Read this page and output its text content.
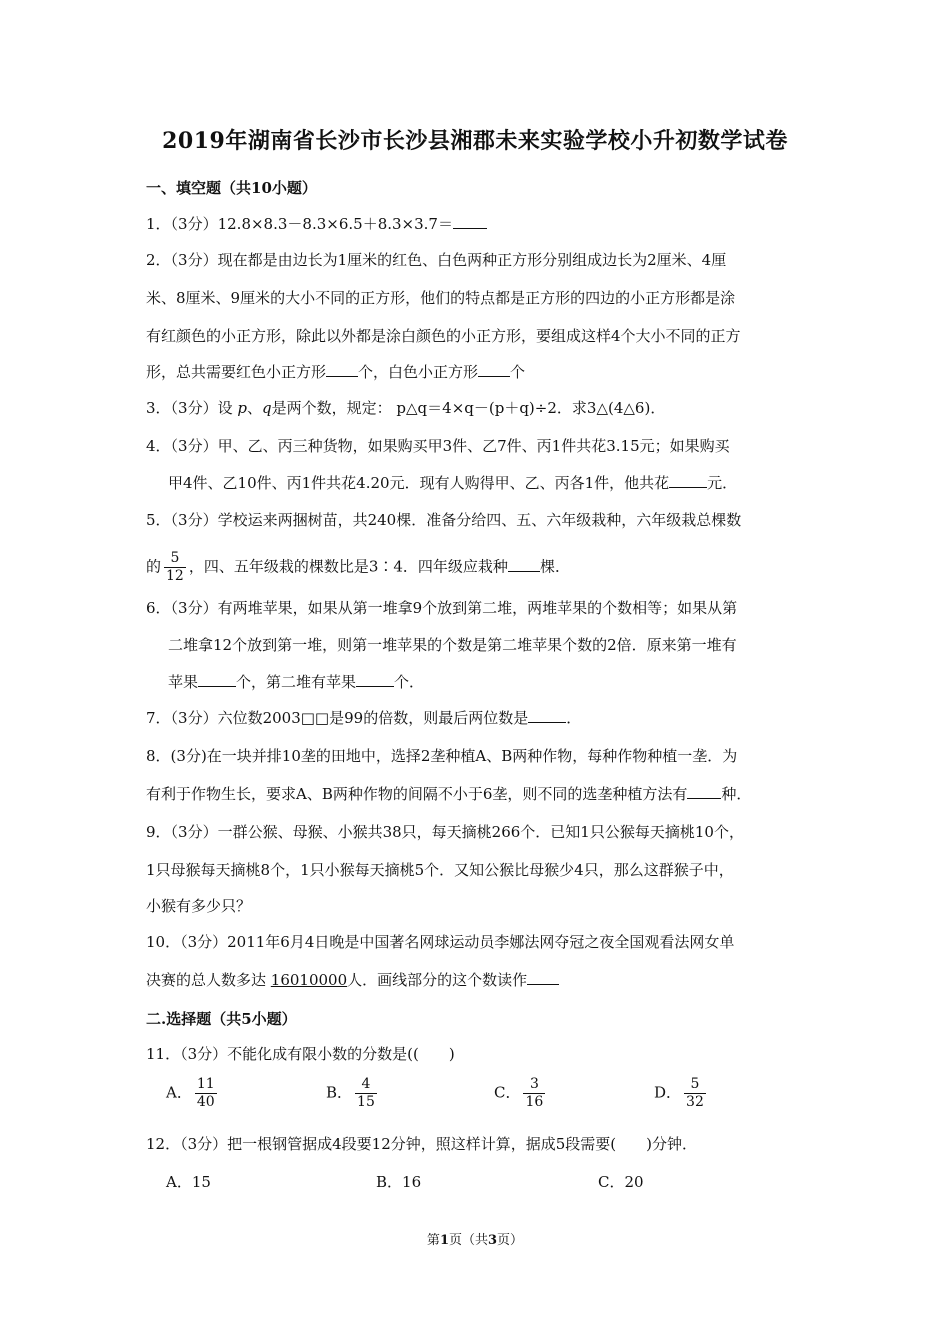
2019年湖南省长沙市长沙县湘郡未来实验学校小升初数学试卷
一、填空题（共10小题）
1．（3分）12.8×8.3－8.3×6.5＋8.3×3.7＝
2．（3分）现在都是由边长为1厘米的红色、白色两种正方形分别组成边长为2厘米、4厘
米、8厘米、9厘米的大小不同的正方形，他们的特点都是正方形的四边的小正方形都是涂
有红颜色的小正方形，除此以外都是涂白颜色的小正方形，要组成这样4个大小不同的正方
形，总共需要红色小正方形 个，白色小正方形 个
3．（3分）设 p、q是两个数，规定： p△q＝4×q－(p＋q)÷2．求3△(4△6)．
4．（3分）甲、乙、丙三种货物，如果购买甲3件、乙7件、丙1件共花3.15元；如果购买
甲4件、乙10件、丙1件共花4.20元．现有人购得甲、乙、丙各1件，他共花	元．
5．（3分）学校运来两捆树苗，共240棵．准备分给四、五、六年级栽种，六年级栽总棵数
的 $\frac{5}{12}$ ，四、五年级栽的棵数比是3∶4．四年级应栽种 棵．
6．（3分）有两堆苹果，如果从第一堆拿9个放到第二堆，两堆苹果的个数相等；如果从第
二堆拿12个放到第一堆，则第一堆苹果的个数是第二堆苹果个数的2倍．原来第一堆有
苹果	个，第二堆有苹果	个．
7．（3分）六位数2003□□是99的倍数，则最后两位数是	．
8．(3分)在一块并排10垄的田地中，选择2垄种植A、B两种作物，每种作物种植一垄．为
有利于作物生长，要求A、B两种作物的间隔不小于6垄，则不同的选垄种植方法有 种．
9．（3分）一群公猴、母猴、小猴共38只，每天摘桃266个．已知1只公猴每天摘桃10个，
1只母猴每天摘桃8个，1只小猴每天摘桃5个．又知公猴比母猴少4只，那么这群猴子中，
小猴有多少只？
10．（3分）2011年6月4日晚是中国著名网球运动员李娜法网夺冠之夜全国观看法网女单
决赛的总人数多达 16010000人．画线部分的这个数读作
二.选择题（共5小题）
11．（3分）不能化成有限小数的分数是((　　)
A． $\frac{11}{40}$	B． $\frac{4}{15}$	C． $\frac{3}{16}$	D． $\frac{5}{32}$
12．（3分）把一根钢管据成4段要12分钟，照这样计算，据成5段需要(　　)分钟．
A．15	B．16	C．20
第1页（共3页）
